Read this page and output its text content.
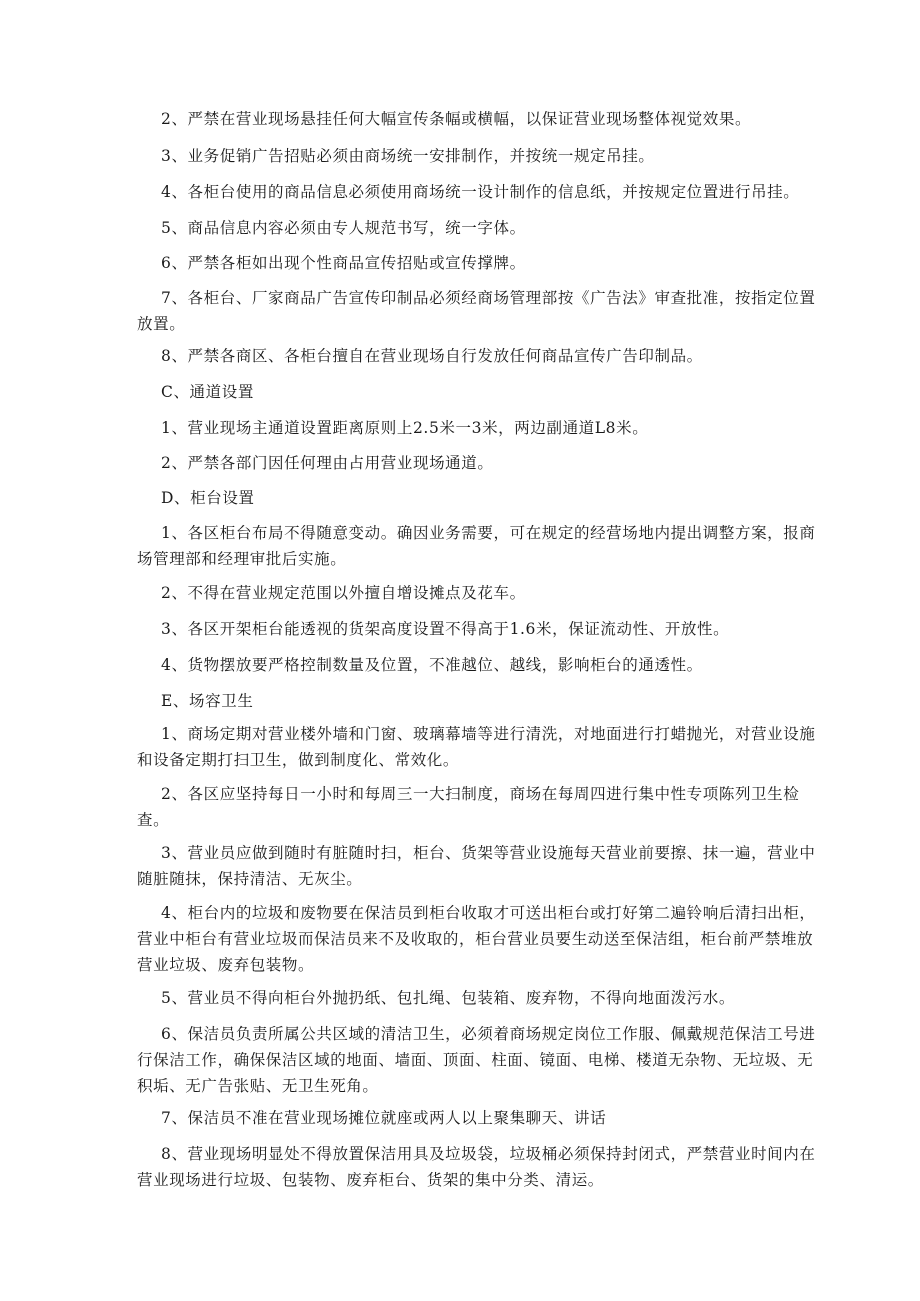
2、严禁在营业现场悬挂任何大幅宣传条幅或横幅，以保证营业现场整体视觉效果。

3、业务促销广告招贴必须由商场统一安排制作，并按统一规定吊挂。

4、各柜台使用的商品信息必须使用商场统一设计制作的信息纸，并按规定位置进行吊挂。

5、商品信息内容必须由专人规范书写，统一字体。

6、严禁各柜如出现个性商品宣传招贴或宣传撑牌。

7、各柜台、厂家商品广告宣传印制品必须经商场管理部按《广告法》审查批准，按指定位置放置。

8、严禁各商区、各柜台擅自在营业现场自行发放任何商品宣传广告印制品。

C、通道设置

1、营业现场主通道设置距离原则上2.5米一3米，两边副通道L8米。

2、严禁各部门因任何理由占用营业现场通道。

D、柜台设置

1、各区柜台布局不得随意变动。确因业务需要，可在规定的经营场地内提出调整方案，报商场管理部和经理审批后实施。

2、不得在营业规定范围以外擅自增设摊点及花车。

3、各区开架柜台能透视的货架高度设置不得高于1.6米，保证流动性、开放性。

4、货物摆放要严格控制数量及位置，不准越位、越线，影响柜台的通透性。

E、场容卫生

1、商场定期对营业楼外墙和门窗、玻璃幕墙等进行清洗，对地面进行打蜡抛光，对营业设施和设备定期打扫卫生，做到制度化、常效化。

2、各区应坚持每日一小时和每周三一大扫制度，商场在每周四进行集中性专项陈列卫生检查。

3、营业员应做到随时有脏随时扫，柜台、货架等营业设施每天营业前要擦、抹一遍，营业中随脏随抹，保持清洁、无灰尘。

4、柜台内的垃圾和废物要在保洁员到柜台收取才可送出柜台或打好第二遍铃响后清扫出柜，营业中柜台有营业垃圾而保洁员来不及收取的，柜台营业员要生动送至保洁组，柜台前严禁堆放营业垃圾、废弃包装物。

5、营业员不得向柜台外抛扔纸、包扎绳、包装箱、废弃物，不得向地面泼污水。

6、保洁员负责所属公共区域的清洁卫生，必须着商场规定岗位工作服、佩戴规范保洁工号进行保洁工作，确保保洁区域的地面、墙面、顶面、柱面、镜面、电梯、楼道无杂物、无垃圾、无积垢、无广告张贴、无卫生死角。

7、保洁员不准在营业现场摊位就座或两人以上聚集聊天、讲话

8、营业现场明显处不得放置保洁用具及垃圾袋，垃圾桶必须保持封闭式，严禁营业时间内在营业现场进行垃圾、包装物、废弃柜台、货架的集中分类、清运。
